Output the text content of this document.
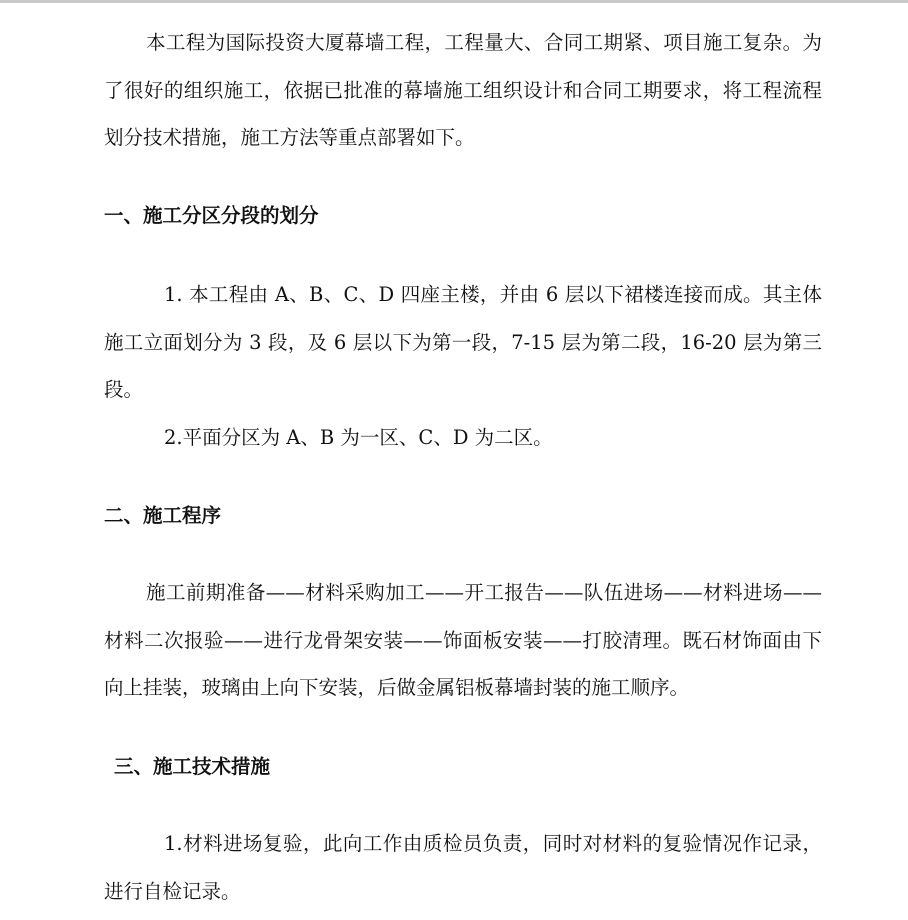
本工程为国际投资大厦幕墙工程，工程量大、合同工期紧、项目施工复杂。为了很好的组织施工，依据已批准的幕墙施工组织设计和合同工期要求，将工程流程划分技术措施，施工方法等重点部署如下。

一、施工分区分段的划分

1. 本工程由 A、B、C、D 四座主楼，并由 6 层以下裙楼连接而成。其主体施工立面划分为 3 段，及 6 层以下为第一段，7-15 层为第二段，16-20 层为第三段。

2.平面分区为 A、B 为一区、C、D 为二区。

二、施工程序

施工前期准备——材料采购加工——开工报告——队伍进场——材料进场——材料二次报验——进行龙骨架安装——饰面板安装——打胶清理。既石材饰面由下向上挂装，玻璃由上向下安装，后做金属铝板幕墙封装的施工顺序。

三、施工技术措施

1.材料进场复验，此向工作由质检员负责，同时对材料的复验情况作记录，进行自检记录。
